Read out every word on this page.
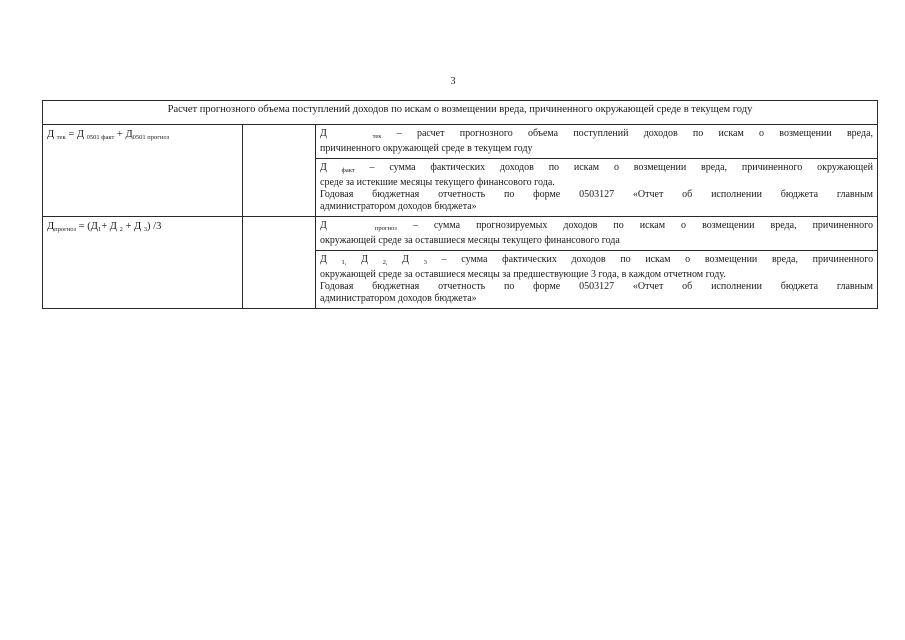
3
Расчет прогнозного объема поступлений доходов по искам о возмещении вреда, причиненного окружающей среде в текущем году		
Д $_{тек}$ = Д $_{0501 факт} + Д_{0501 прогноз}$		Д $_{тек}$ – расчет прогнозного объема поступлений доходов по искам о возмещении вреда,
причиненного окружающей среде в текущем году

		Д $_{факт}$ – сумма фактических доходов по искам о возмещении вреда, причиненного окружающей
среде за истекшие месяцы текущего финансового года.
Годовая бюджетная отчетность по форме 0503127 «Отчет об исполнении бюджета главным
администратором доходов бюджета»

$Д_{прогноз} = (Д_1+ Д$ $_2$ + Д $_3$) /3		Д $_{прогноз}$ – сумма прогнозируемых доходов по искам о возмещении вреда, причиненного
окружающей среде за оставшиеся месяцы текущего финансового года

		Д $_{1,}$ Д $_{2,}$ Д $_3$ – сумма фактических доходов по искам о возмещении вреда, причиненного
окружающей среде за оставшиеся месяцы за предшествующие 3 года, в каждом отчетном году.
Годовая бюджетная отчетность по форме 0503127 «Отчет об исполнении бюджета главным
администратором доходов бюджета»
